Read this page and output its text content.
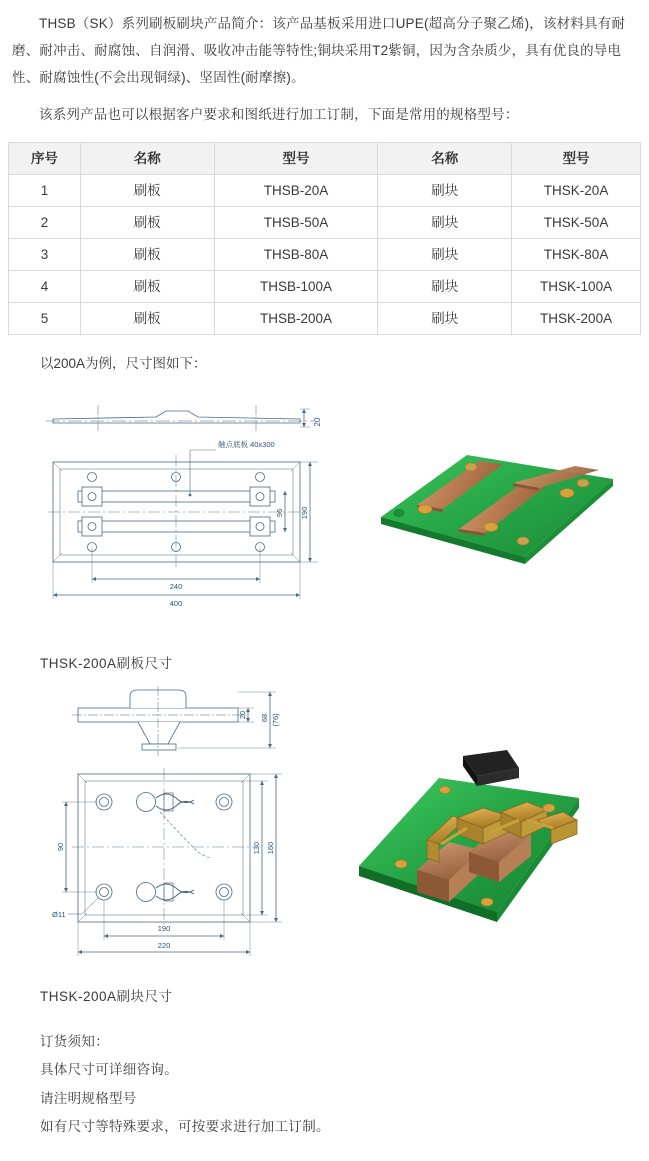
THSB（SK）系列刷板刷块产品简介：该产品基板采用进口UPE(超高分子聚乙烯)，该材料具有耐磨、耐冲击、耐腐蚀、自润滑、吸收冲击能等特性;铜块采用T2紫铜，因为含杂质少，具有优良的导电性、耐腐蚀性(不会出现铜绿)、坚固性(耐摩擦)。

该系列产品也可以根据客户要求和图纸进行加工订制，下面是常用的规格型号：

序号	名称	型号	名称	型号
1	刷板	THSB-20A	刷块	THSK-20A
2	刷板	THSB-50A	刷块	THSK-50A
3	刷板	THSB-80A	刷块	THSK-80A
4	刷板	THSB-100A	刷块	THSK-100A
5	刷板	THSB-200A	刷块	THSK-200A
以200A为例，尺寸图如下：
20
触点底板 40x300
96 190
240
400
THSK-200A刷板尺寸
20 68 (76)
90	130 160
190
220
Ø11
THSK-200A刷块尺寸
订货须知：
具体尺寸可详细咨询。
请注明规格型号
如有尺寸等特殊要求，可按要求进行加工订制。
